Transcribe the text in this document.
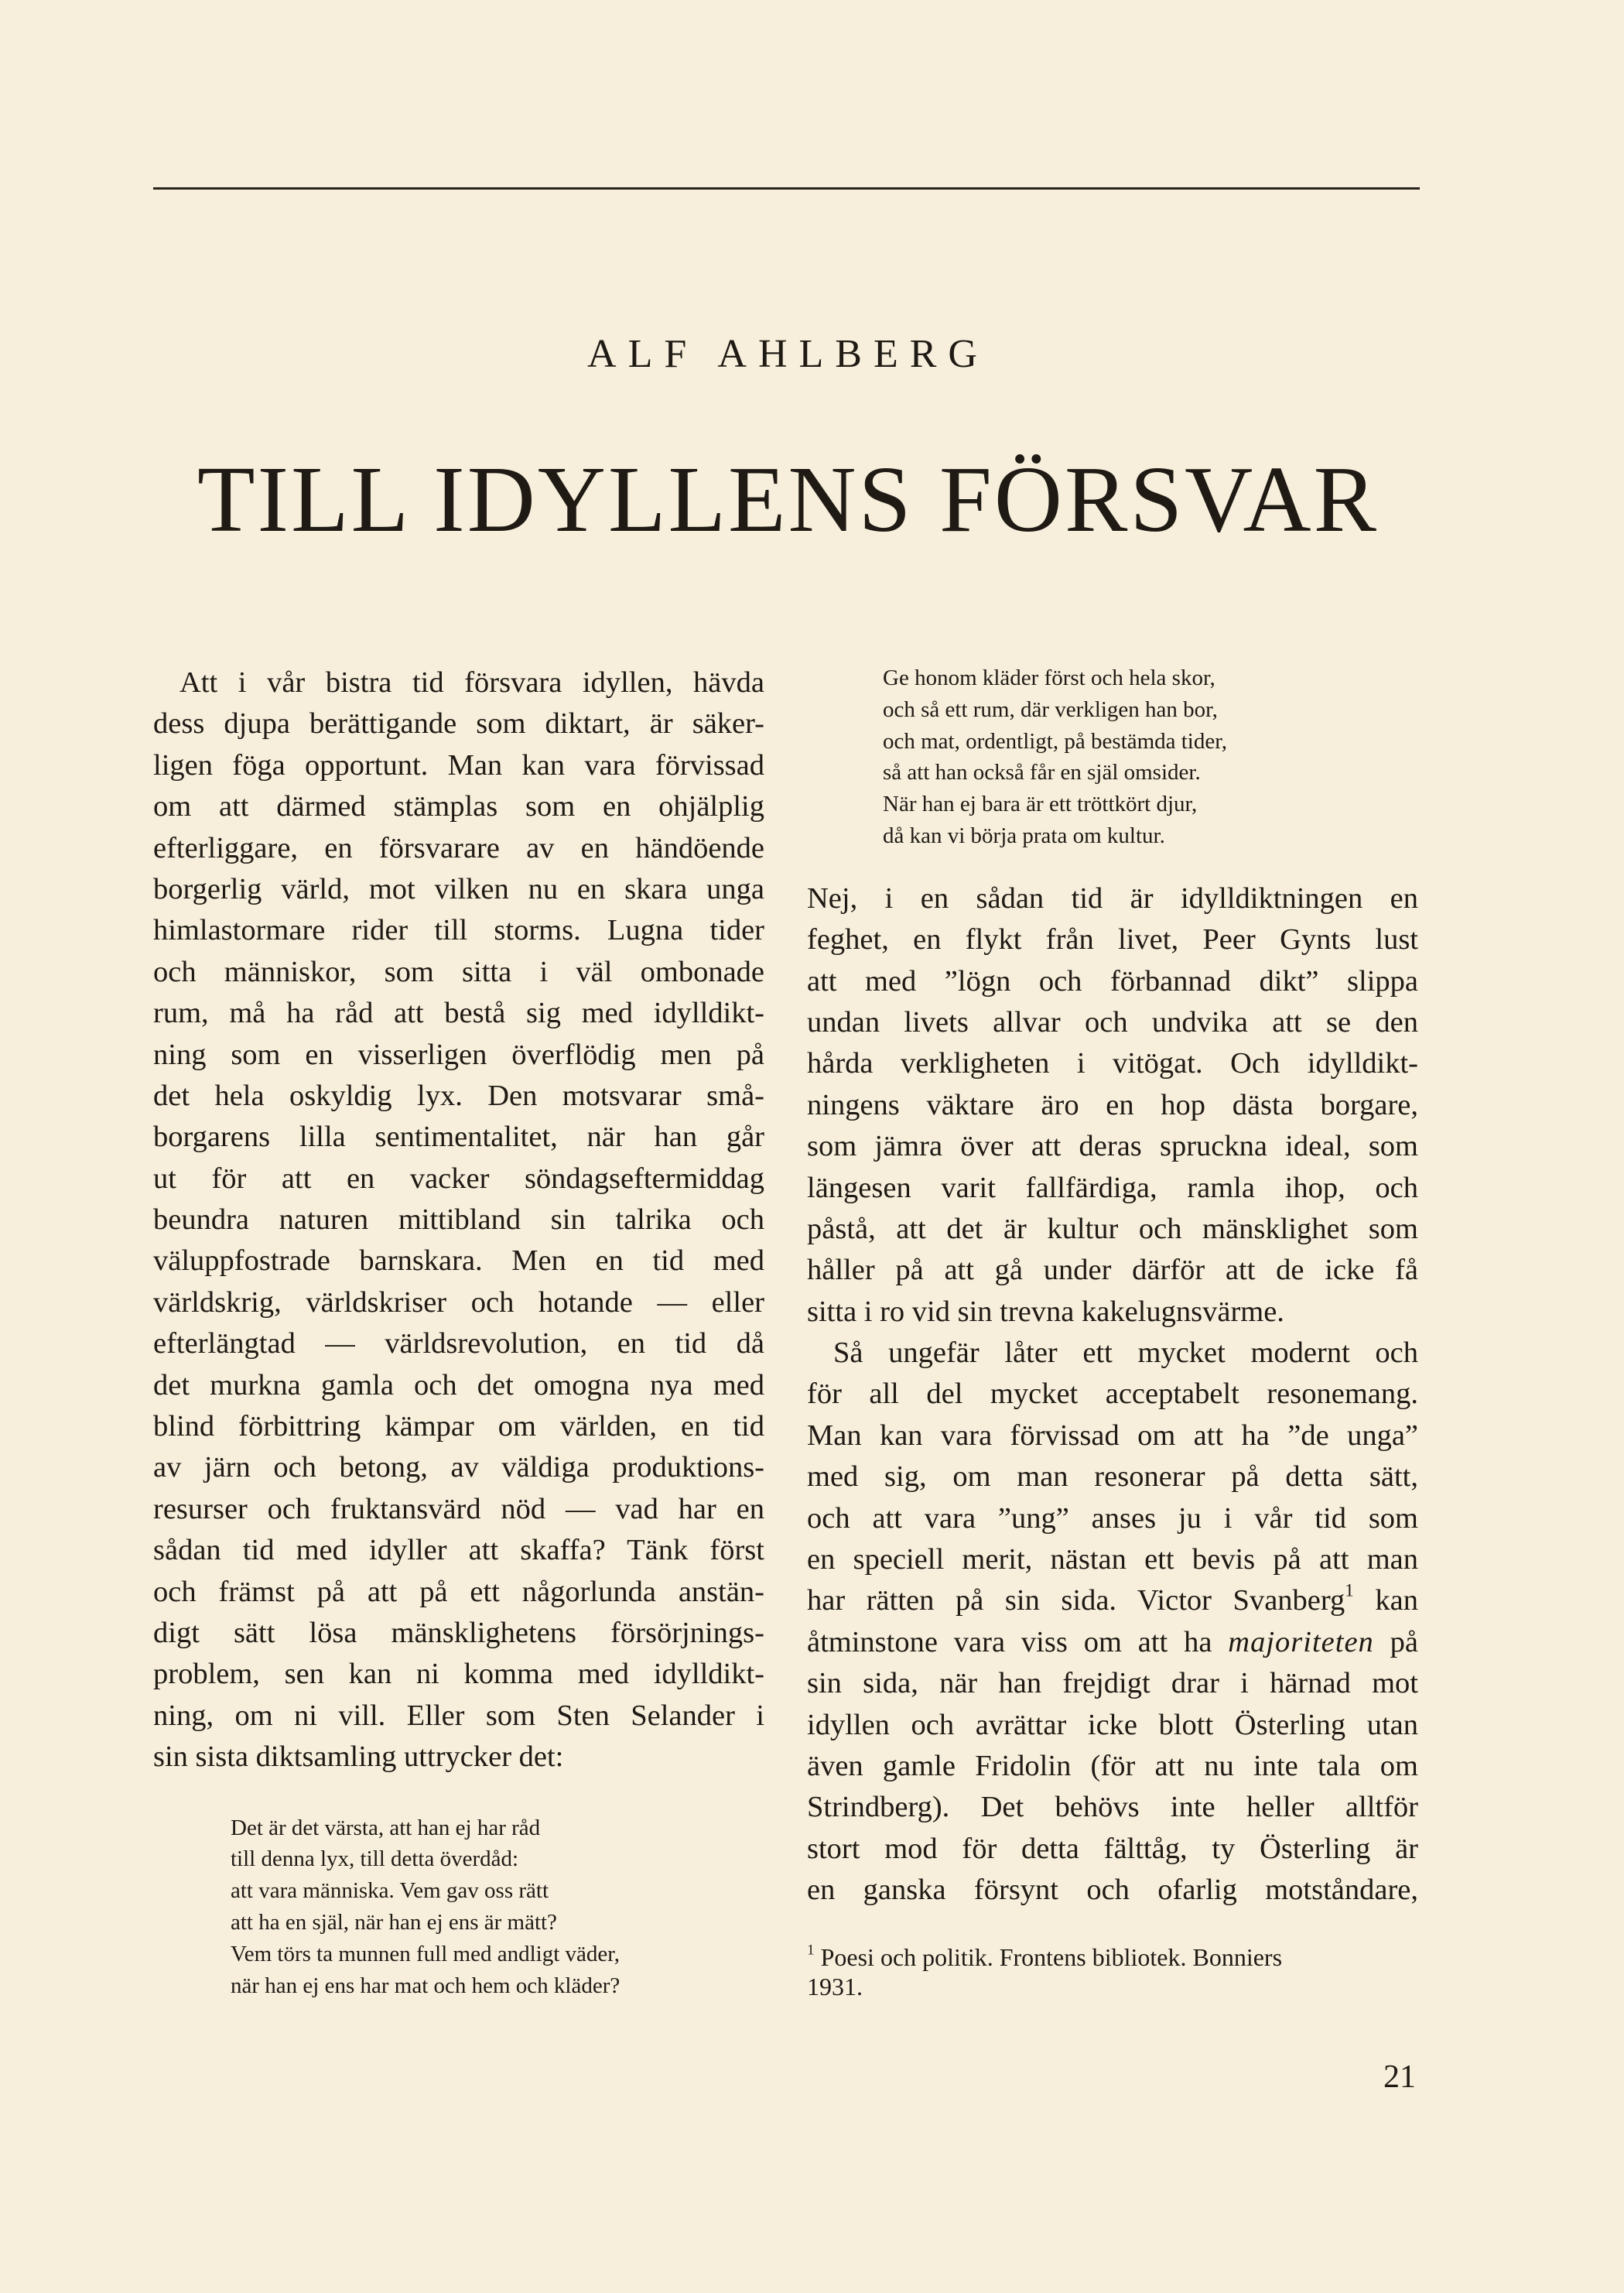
ALF AHLBERG
TILL IDYLLENS FÖRSVAR
Att i vår bistra tid försvara idyllen, hävda
dess djupa berättigande som diktart, är säker-
ligen föga opportunt. Man kan vara förvissad
om att därmed stämplas som en ohjälplig
efterliggare, en försvarare av en händöende
borgerlig värld, mot vilken nu en skara unga
himlastormare rider till storms. Lugna tider
och människor, som sitta i väl ombonade
rum, må ha råd att bestå sig med idylldikt-
ning som en visserligen överflödig men på
det hela oskyldig lyx. Den motsvarar små-
borgarens lilla sentimentalitet, när han går
ut för att en vacker söndagseftermiddag
beundra naturen mittibland sin talrika och
väluppfostrade barnskara. Men en tid med
världskrig, världskriser och hotande — eller
efterlängtad — världsrevolution, en tid då
det murkna gamla och det omogna nya med
blind förbittring kämpar om världen, en tid
av järn och betong, av väldiga produktions-
resurser och fruktansvärd nöd — vad har en
sådan tid med idyller att skaffa? Tänk först
och främst på att på ett någorlunda anstän-
digt sätt lösa mänsklighetens försörjnings-
problem, sen kan ni komma med idylldikt-
ning, om ni vill. Eller som Sten Selander i
sin sista diktsamling uttrycker det:
Det är det värsta, att han ej har råd
till denna lyx, till detta överdåd:
att vara människa. Vem gav oss rätt
att ha en själ, när han ej ens är mätt?
Vem törs ta munnen full med andligt väder,
när han ej ens har mat och hem och kläder?
Ge honom kläder först och hela skor,
och så ett rum, där verkligen han bor,
och mat, ordentligt, på bestämda tider,
så att han också får en själ omsider.
När han ej bara är ett tröttkört djur,
då kan vi börja prata om kultur.
Nej, i en sådan tid är idylldiktningen en
feghet, en flykt från livet, Peer Gynts lust
att med ”lögn och förbannad dikt” slippa
undan livets allvar och undvika att se den
hårda verkligheten i vitögat. Och idylldikt-
ningens väktare äro en hop dästa borgare,
som jämra över att deras spruckna ideal, som
längesen varit fallfärdiga, ramla ihop, och
påstå, att det är kultur och mänsklighet som
håller på att gå under därför att de icke få
sitta i ro vid sin trevna kakelugnsvärme.
Så ungefär låter ett mycket modernt och
för all del mycket acceptabelt resonemang.
Man kan vara förvissad om att ha ”de unga”
med sig, om man resonerar på detta sätt,
och att vara ”ung” anses ju i vår tid som
en speciell merit, nästan ett bevis på att man
har rätten på sin sida. Victor Svanberg$^1$ kan
åtminstone vara viss om att ha majoriteten på
sin sida, när han frejdigt drar i härnad mot
idyllen och avrättar icke blott Österling utan
även gamle Fridolin (för att nu inte tala om
Strindberg). Det behövs inte heller alltför
stort mod för detta fälttåg, ty Österling är
en ganska försynt och ofarlig motståndare,
$^1$ Poesi och politik. Frontens bibliotek. Bonniers
1931.
21
